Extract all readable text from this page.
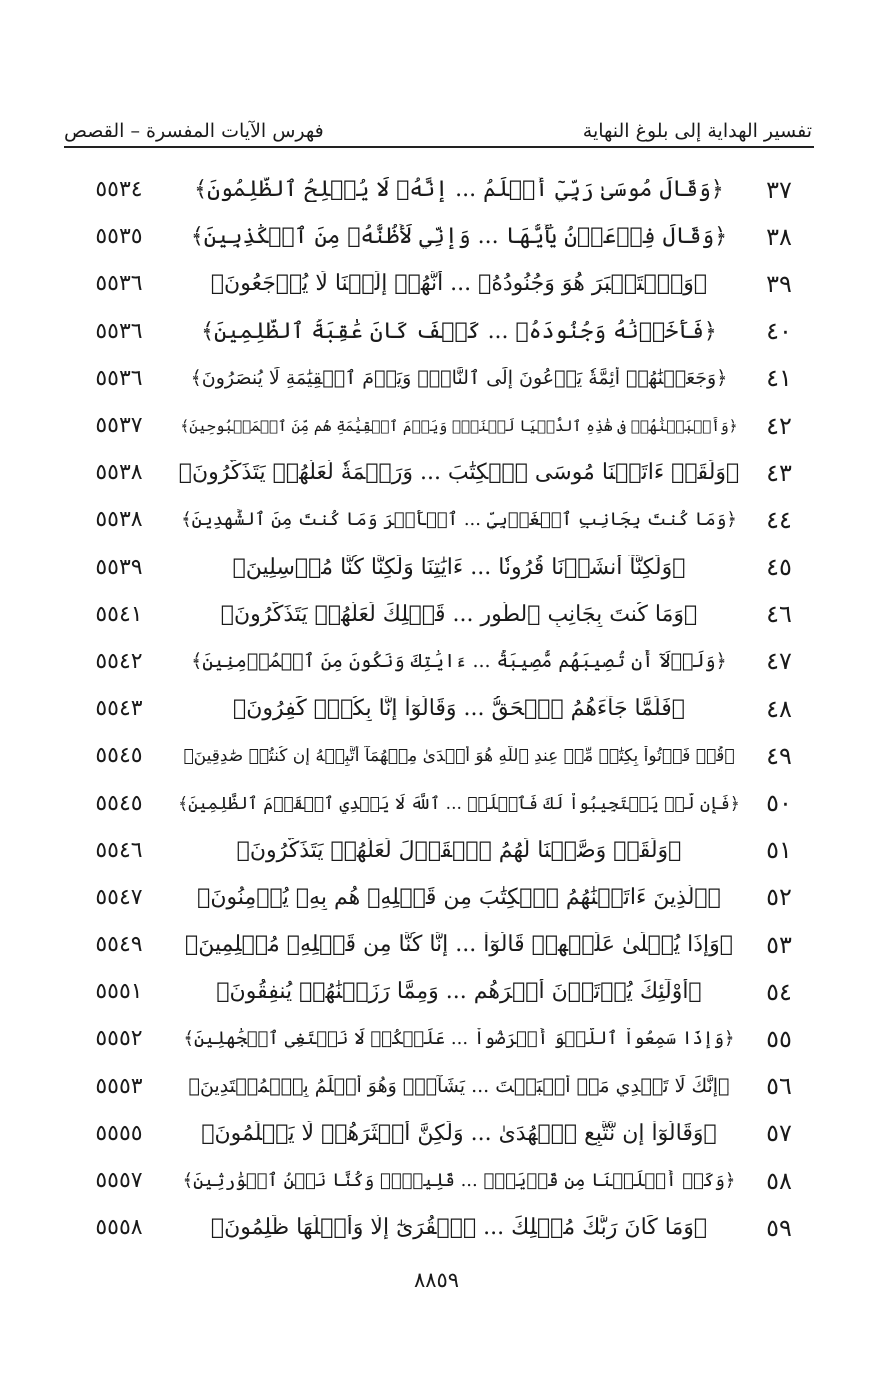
تفسير الهداية إلى بلوغ النهاية
فهرس الآيات المفسرة – القصص
٣٧
﴿وَقَالَ مُوسَىٰ رَبِّيٓ أَعۡلَمُ ... إِنَّهُۥ لَا يُفۡلِحُ ٱلظَّٰلِمُونَ﴾
٥٥٣٤
٣٨
﴿وَقَالَ فِرۡعَوۡنُ يَٰٓأَيُّهَا ... وَإِنِّي لَأَظُنُّهُۥ مِنَ ٱلۡكَٰذِبِينَ﴾
٥٥٣٥
٣٩
﴿وَٱسۡتَكۡبَرَ هُوَ وَجُنُودُهُۥ ... أَنَّهُمۡ إِلَيۡنَا لَا يُرۡجَعُونَ﴾
٥٥٣٦
٤٠
﴿فَأَخَذۡنَٰهُ وَجُنُودَهُۥ ... كَيۡفَ كَانَ عَٰقِبَةُ ٱلظَّٰلِمِينَ﴾
٥٥٣٦
٤١
﴿وَجَعَلۡنَٰهُمۡ أَئِمَّةٗ يَدۡعُونَ إِلَى ٱلنَّارِۖ وَيَوۡمَ ٱلۡقِيَٰمَةِ لَا يُنصَرُونَ﴾
٥٥٣٦
٤٢
﴿وَأَتۡبَعۡنَٰهُمۡ فِي هَٰذِهِ ٱلدُّنۡيَا لَعۡنَةٗۖ وَيَوۡمَ ٱلۡقِيَٰمَةِ هُم مِّنَ ٱلۡمَقۡبُوحِينَ﴾
٥٥٣٧
٤٣
﴿وَلَقَدۡ ءَاتَيۡنَا مُوسَى ٱلۡكِتَٰبَ ... وَرَحۡمَةٗ لَّعَلَّهُمۡ يَتَذَكَّرُونَ﴾
٥٥٣٨
٤٤
﴿وَمَا كُنتَ بِجَانِبِ ٱلۡغَرۡبِيِّ ... ٱلۡأَمۡرَ وَمَا كُنتَ مِنَ ٱلشَّٰهِدِينَ﴾
٥٥٣٨
٤٥
﴿وَلَٰكِنَّآ أَنشَأۡنَا قُرُونٗا ... ءَايَٰتِنَا وَلَٰكِنَّا كُنَّا مُرۡسِلِينَ﴾
٥٥٣٩
٤٦
﴿وَمَا كُنتَ بِجَانِبِ ٱلطُّورِ ... قَبۡلِكَ لَعَلَّهُمۡ يَتَذَكَّرُونَ﴾
٥٥٤١
٤٧
﴿وَلَوۡلَآ أَن تُصِيبَهُم مُّصِيبَةُۢ ... ءَايَٰتِكَ وَنَكُونَ مِنَ ٱلۡمُؤۡمِنِينَ﴾
٥٥٤٢
٤٨
﴿فَلَمَّا جَآءَهُمُ ٱلۡحَقُّ ... وَقَالُوٓاْ إِنَّا بِكُلّٖ كَٰفِرُونَ﴾
٥٥٤٣
٤٩
﴿قُلۡ فَأۡتُواْ بِكِتَٰبٖ مِّنۡ عِندِ ٱللَّهِ هُوَ أَهۡدَىٰ مِنۡهُمَآ أَتَّبِعۡهُ إِن كُنتُمۡ صَٰدِقِينَ﴾
٥٥٤٥
٥٠
﴿فَإِن لَّمۡ يَسۡتَجِيبُواْ لَكَ فَٱعۡلَمۡ ... ٱللَّهَ لَا يَهۡدِي ٱلۡقَوۡمَ ٱلظَّٰلِمِينَ﴾
٥٥٤٥
٥١
﴿وَلَقَدۡ وَصَّلۡنَا لَهُمُ ٱلۡقَوۡلَ لَعَلَّهُمۡ يَتَذَكَّرُونَ﴾
٥٥٤٦
٥٢
﴿ٱلَّذِينَ ءَاتَيۡنَٰهُمُ ٱلۡكِتَٰبَ مِن قَبۡلِهِۦ هُم بِهِۦ يُؤۡمِنُونَ﴾
٥٥٤٧
٥٣
﴿وَإِذَا يُتۡلَىٰ عَلَيۡهِمۡ قَالُوٓاْ ... إِنَّا كُنَّا مِن قَبۡلِهِۦ مُسۡلِمِينَ﴾
٥٥٤٩
٥٤
﴿أُوْلَٰٓئِكَ يُؤۡتَوۡنَ أَجۡرَهُم ... وَمِمَّا رَزَقۡنَٰهُمۡ يُنفِقُونَ﴾
٥٥٥١
٥٥
﴿وَإِذَا سَمِعُواْ ٱللَّغۡوَ أَعۡرَضُواْ ... عَلَيۡكُمۡ لَا نَبۡتَغِي ٱلۡجَٰهِلِينَ﴾
٥٥٥٢
٥٦
﴿إِنَّكَ لَا تَهۡدِي مَنۡ أَحۡبَبۡتَ ... يَشَآءُۚ وَهُوَ أَعۡلَمُ بِٱلۡمُهۡتَدِينَ﴾
٥٥٥٣
٥٧
﴿وَقَالُوٓاْ إِن نَّتَّبِعِ ٱلۡهُدَىٰ ... وَلَٰكِنَّ أَكۡثَرَهُمۡ لَا يَعۡلَمُونَ﴾
٥٥٥٥
٥٨
﴿وَكَمۡ أَهۡلَكۡنَا مِن قَرۡيَةِۭ ... قَلِيلٗاۖ وَكُنَّا نَحۡنُ ٱلۡوَٰرِثِينَ﴾
٥٥٥٧
٥٩
﴿وَمَا كَانَ رَبُّكَ مُهۡلِكَ ... ٱلۡقُرَىٰٓ إِلَّا وَأَهۡلُهَا ظَٰلِمُونَ﴾
٥٥٥٨
٨٨٥٩
